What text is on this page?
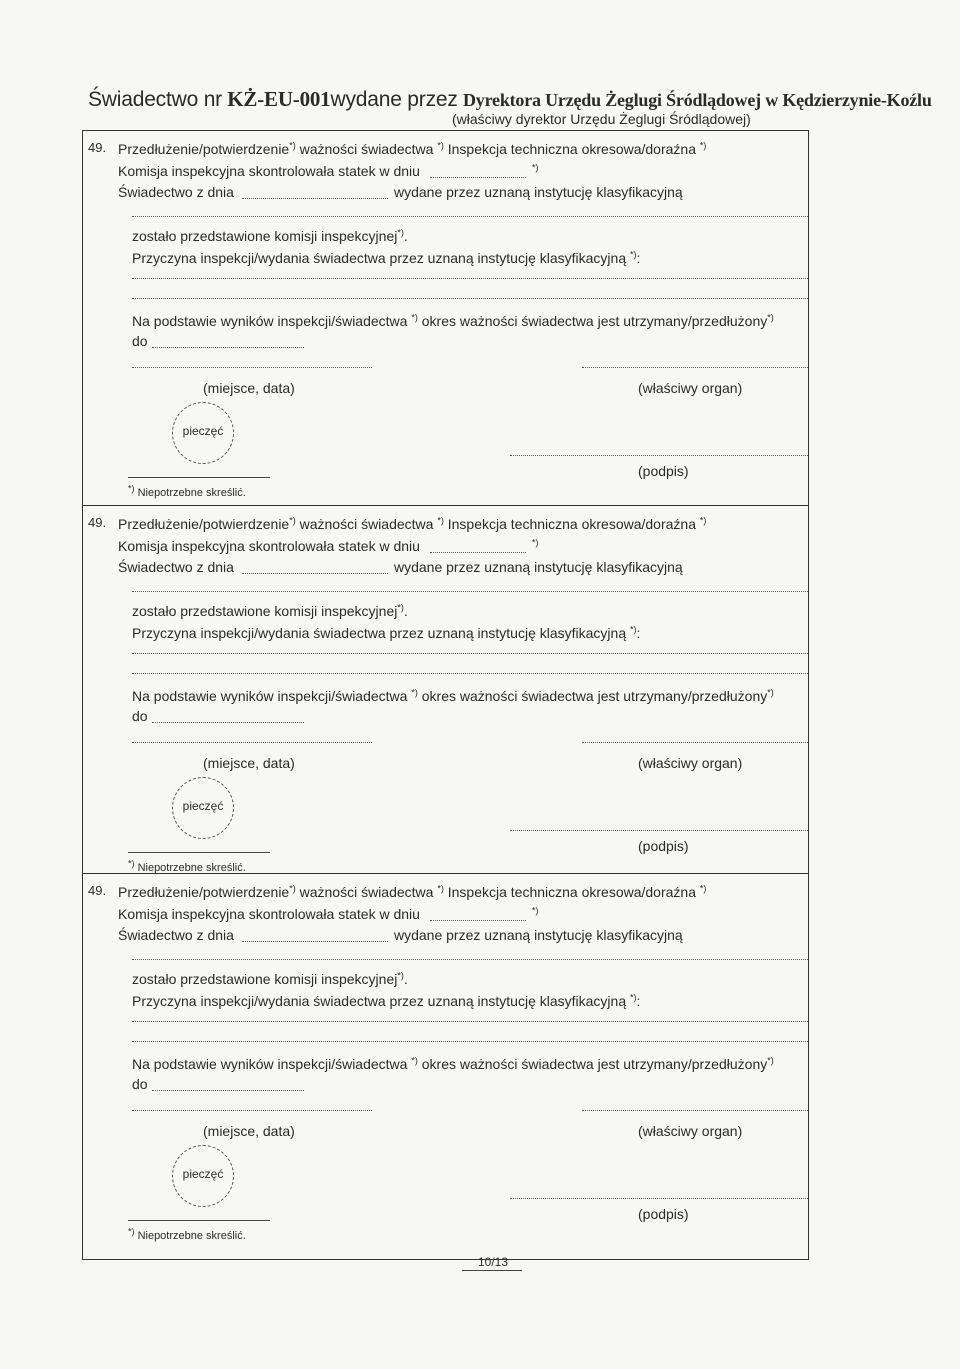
Świadectwo nr KŻ-EU-001wydane przez Dyrektora Urzędu Żeglugi Śródlądowej w Kędzierzynie-Koźlu
(właściwy dyrektor Urzędu Żeglugi Śródlądowej)
49. Przedłużenie/potwierdzenie*) ważności świadectwa *) Inspekcja techniczna okresowa/doraźna *)
Komisja inspekcyjna skontrolowała statek w dniu	*)
Świadectwo z dnia	wydane przez uznaną instytucję klasyfikacyjną
zostało przedstawione komisji inspekcyjnej*).
Przyczyna inspekcji/wydania świadectwa przez uznaną instytucję klasyfikacyjną *):
Na podstawie wyników inspekcji/świadectwa *) okres ważności świadectwa jest utrzymany/przedłużony*)
do
(miejsce, data)	(właściwy organ)
pieczęć
(podpis)
*) Niepotrzebne skreślić.
49. Przedłużenie/potwierdzenie*) ważności świadectwa *) Inspekcja techniczna okresowa/doraźna *)
Komisja inspekcyjna skontrolowała statek w dniu	*)
Świadectwo z dnia	wydane przez uznaną instytucję klasyfikacyjną
zostało przedstawione komisji inspekcyjnej*).
Przyczyna inspekcji/wydania świadectwa przez uznaną instytucję klasyfikacyjną *):
Na podstawie wyników inspekcji/świadectwa *) okres ważności świadectwa jest utrzymany/przedłużony*)
do
(miejsce, data)	(właściwy organ)
pieczęć
(podpis)
*) Niepotrzebne skreślić.
49. Przedłużenie/potwierdzenie*) ważności świadectwa *) Inspekcja techniczna okresowa/doraźna *)
Komisja inspekcyjna skontrolowała statek w dniu	*)
Świadectwo z dnia	wydane przez uznaną instytucję klasyfikacyjną
zostało przedstawione komisji inspekcyjnej*).
Przyczyna inspekcji/wydania świadectwa przez uznaną instytucję klasyfikacyjną *):
Na podstawie wyników inspekcji/świadectwa *) okres ważności świadectwa jest utrzymany/przedłużony*)
do
(miejsce, data)	(właściwy organ)
pieczęć
(podpis)
*) Niepotrzebne skreślić.
10/13
